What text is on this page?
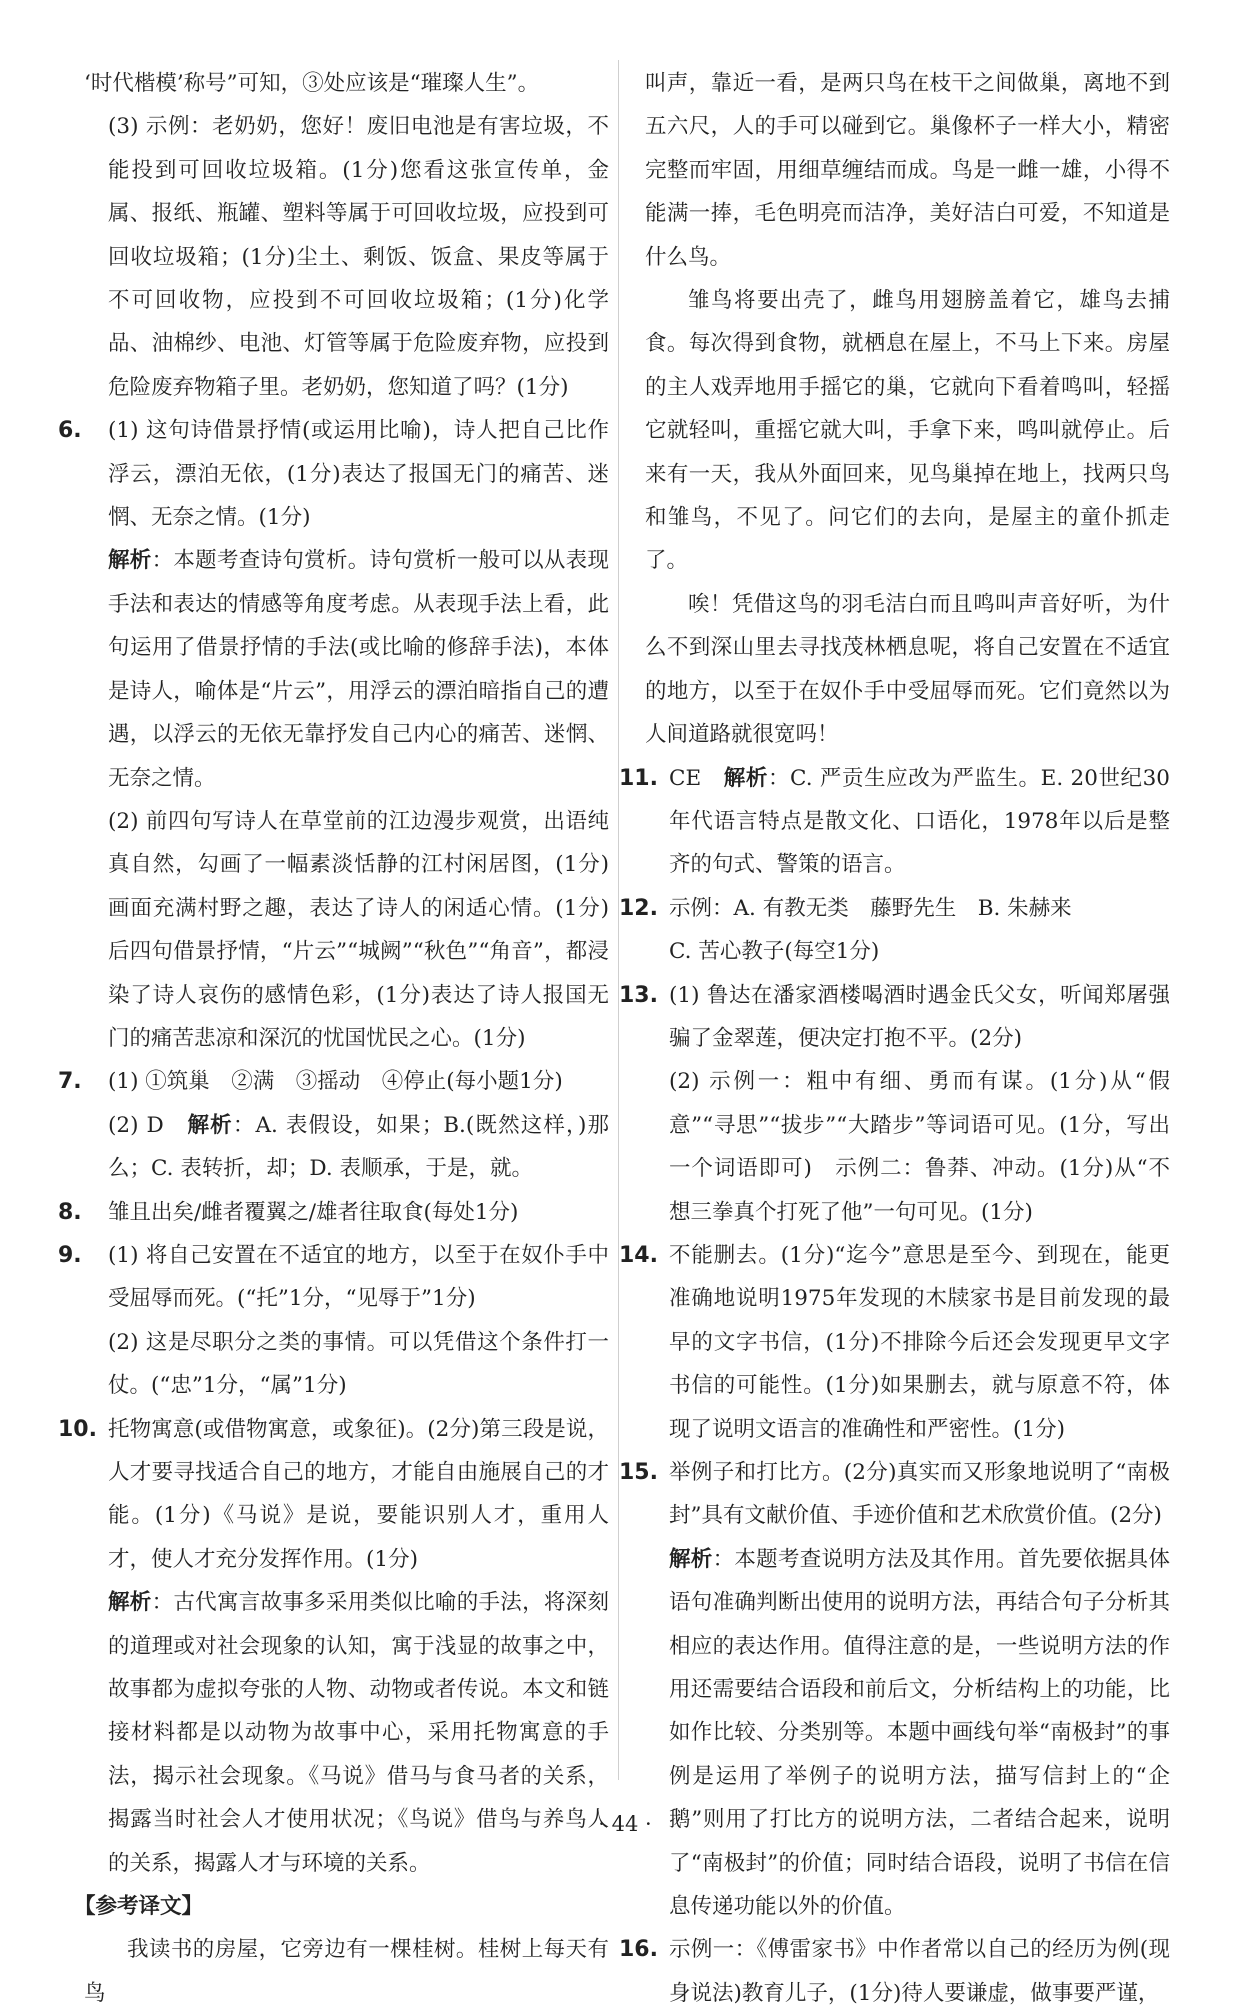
‘时代楷模’称号”可知，③处应该是“璀璨人生”。

(3) 示例：老奶奶，您好！废旧电池是有害垃圾，不能投到可回收垃圾箱。(1分)您看这张宣传单，金属、报纸、瓶罐、塑料等属于可回收垃圾，应投到可回收垃圾箱；(1分)尘土、剩饭、饭盒、果皮等属于不可回收物，应投到不可回收垃圾箱；(1分)化学品、油棉纱、电池、灯管等属于危险废弃物，应投到危险废弃物箱子里。老奶奶，您知道了吗？(1分)

6.	(1) 这句诗借景抒情(或运用比喻)，诗人把自己比作浮云，漂泊无依，(1分)表达了报国无门的痛苦、迷惘、无奈之情。(1分)

解析：本题考查诗句赏析。诗句赏析一般可以从表现手法和表达的情感等角度考虑。从表现手法上看，此句运用了借景抒情的手法(或比喻的修辞手法)，本体是诗人，喻体是“片云”，用浮云的漂泊暗指自己的遭遇，以浮云的无依无靠抒发自己内心的痛苦、迷惘、无奈之情。

(2) 前四句写诗人在草堂前的江边漫步观赏，出语纯真自然，勾画了一幅素淡恬静的江村闲居图，(1分)画面充满村野之趣，表达了诗人的闲适心情。(1分)后四句借景抒情，“片云”“城阙”“秋色”“角音”，都浸染了诗人哀伤的感情色彩，(1分)表达了诗人报国无门的痛苦悲凉和深沉的忧国忧民之心。(1分)

7.	(1) ①筑巢　②满　③摇动　④停止(每小题1分)

(2) D　解析：A. 表假设，如果；B.(既然这样，)那么；C. 表转折，却；D. 表顺承，于是，就。

8.	雏且出矣/雌者覆翼之/雄者往取食(每处1分)

9.	(1) 将自己安置在不适宜的地方，以至于在奴仆手中受屈辱而死。(“托”1分，“见辱于”1分)

(2) 这是尽职分之类的事情。可以凭借这个条件打一仗。(“忠”1分，“属”1分)

10. 托物寓意(或借物寓意，或象征)。(2分)第三段是说，人才要寻找适合自己的地方，才能自由施展自己的才能。(1分)《马说》是说，要能识别人才，重用人才，使人才充分发挥作用。(1分)

解析：古代寓言故事多采用类似比喻的手法，将深刻的道理或对社会现象的认知，寓于浅显的故事之中，故事都为虚拟夸张的人物、动物或者传说。本文和链接材料都是以动物为故事中心，采用托物寓意的手法，揭示社会现象。《马说》借马与食马者的关系，揭露当时社会人才使用状况；《鸟说》借鸟与养鸟人的关系，揭露人才与环境的关系。

【参考译文】

我读书的房屋，它旁边有一棵桂树。桂树上每天有鸟

叫声，靠近一看，是两只鸟在枝干之间做巢，离地不到五六尺，人的手可以碰到它。巢像杯子一样大小，精密完整而牢固，用细草缠结而成。鸟是一雌一雄，小得不能满一捧，毛色明亮而洁净，美好洁白可爱，不知道是什么鸟。

雏鸟将要出壳了，雌鸟用翅膀盖着它，雄鸟去捕食。每次得到食物，就栖息在屋上，不马上下来。房屋的主人戏弄地用手摇它的巢，它就向下看着鸣叫，轻摇它就轻叫，重摇它就大叫，手拿下来，鸣叫就停止。后来有一天，我从外面回来，见鸟巢掉在地上，找两只鸟和雏鸟，不见了。问它们的去向，是屋主的童仆抓走了。

唉！凭借这鸟的羽毛洁白而且鸣叫声音好听，为什么不到深山里去寻找茂林栖息呢，将自己安置在不适宜的地方，以至于在奴仆手中受屈辱而死。它们竟然以为人间道路就很宽吗！

11. CE　解析：C. 严贡生应改为严监生。E. 20世纪30年代语言特点是散文化、口语化，1978年以后是整齐的句式、警策的语言。

12. 示例：A. 有教无类　藤野先生　B. 朱赫来

C. 苦心教子(每空1分)

13. (1) 鲁达在潘家酒楼喝酒时遇金氏父女，听闻郑屠强骗了金翠莲，便决定打抱不平。(2分)

(2) 示例一：粗中有细、勇而有谋。(1分)从“假意”“寻思”“拔步”“大踏步”等词语可见。(1分，写出一个词语即可)　示例二：鲁莽、冲动。(1分)从“不想三拳真个打死了他”一句可见。(1分)

14. 不能删去。(1分)“迄今”意思是至今、到现在，能更准确地说明1975年发现的木牍家书是目前发现的最早的文字书信，(1分)不排除今后还会发现更早文字书信的可能性。(1分)如果删去，就与原意不符，体现了说明文语言的准确性和严密性。(1分)

15. 举例子和打比方。(2分)真实而又形象地说明了“南极封”具有文献价值、手迹价值和艺术欣赏价值。(2分)

解析：本题考查说明方法及其作用。首先要依据具体语句准确判断出使用的说明方法，再结合句子分析其相应的表达作用。值得注意的是，一些说明方法的作用还需要结合语段和前后文，分析结构上的功能，比如作比较、分类别等。本题中画线句举“南极封”的事例是运用了举例子的说明方法，描写信封上的“企鹅”则用了打比方的说明方法，二者结合起来，说明了“南极封”的价值；同时结合语段，说明了书信在信息传递功能以外的价值。

16. 示例一：《傅雷家书》中作者常以自己的经历为例(现身说法)教育儿子，(1分)待人要谦虚，做事要严谨，

· 44 ·
